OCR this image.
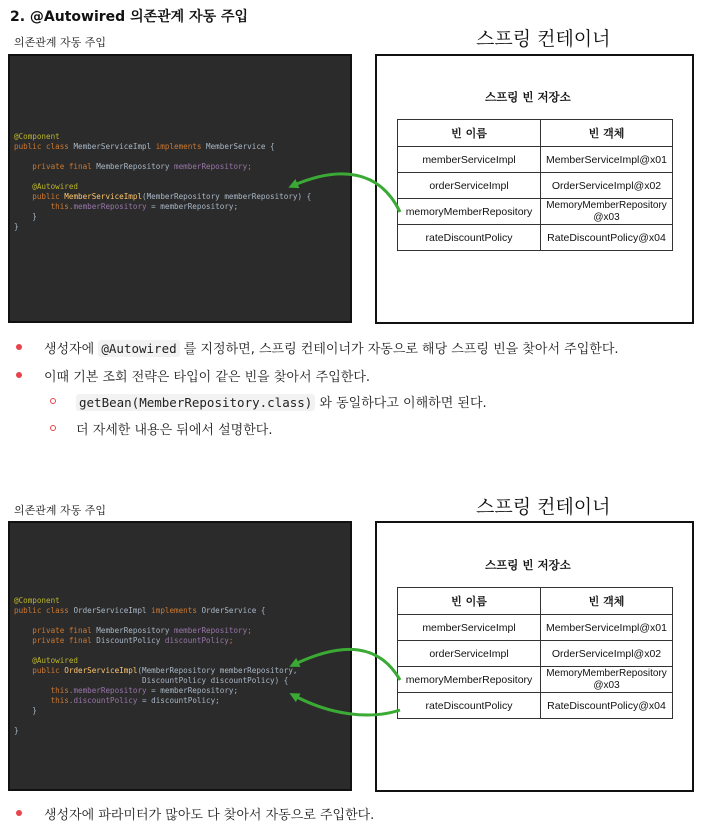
2. @Autowired 의존관계 자동 주입
의존관계 자동 주입	스프링 컨테이너
@Component
public class MemberServiceImpl implements MemberService {

private final MemberRepository memberRepository;

@Autowired
public MemberServiceImpl(MemberRepository memberRepository) {
this.memberRepository = memberRepository;
}
}
스프링 빈 저장소
빈 이름	빈 객체
memberServiceImpl	MemberServiceImpl@x01
orderServiceImpl	OrderServiceImpl@x02
memoryMemberRepository	MemoryMemberRepository
@x03
rateDiscountPolicy	RateDiscountPolicy@x04
생성자에 @Autowired 를 지정하면, 스프링 컨테이너가 자동으로 해당 스프링 빈을 찾아서 주입한다.
이때 기본 조회 전략은 타입이 같은 빈을 찾아서 주입한다.
getBean(MemberRepository.class) 와 동일하다고 이해하면 된다.
더 자세한 내용은 뒤에서 설명한다.
의존관계 자동 주입	스프링 컨테이너
@Component
public class OrderServiceImpl implements OrderService {

private final MemberRepository memberRepository;
private final DiscountPolicy discountPolicy;

@Autowired
public OrderServiceImpl(MemberRepository memberRepository,
DiscountPolicy discountPolicy) {
this.memberRepository = memberRepository;
this.discountPolicy = discountPolicy;
}

}
스프링 빈 저장소
빈 이름	빈 객체
memberServiceImpl	MemberServiceImpl@x01
orderServiceImpl	OrderServiceImpl@x02
memoryMemberRepository	MemoryMemberRepository
@x03
rateDiscountPolicy	RateDiscountPolicy@x04
생성자에 파라미터가 많아도 다 찾아서 자동으로 주입한다.
